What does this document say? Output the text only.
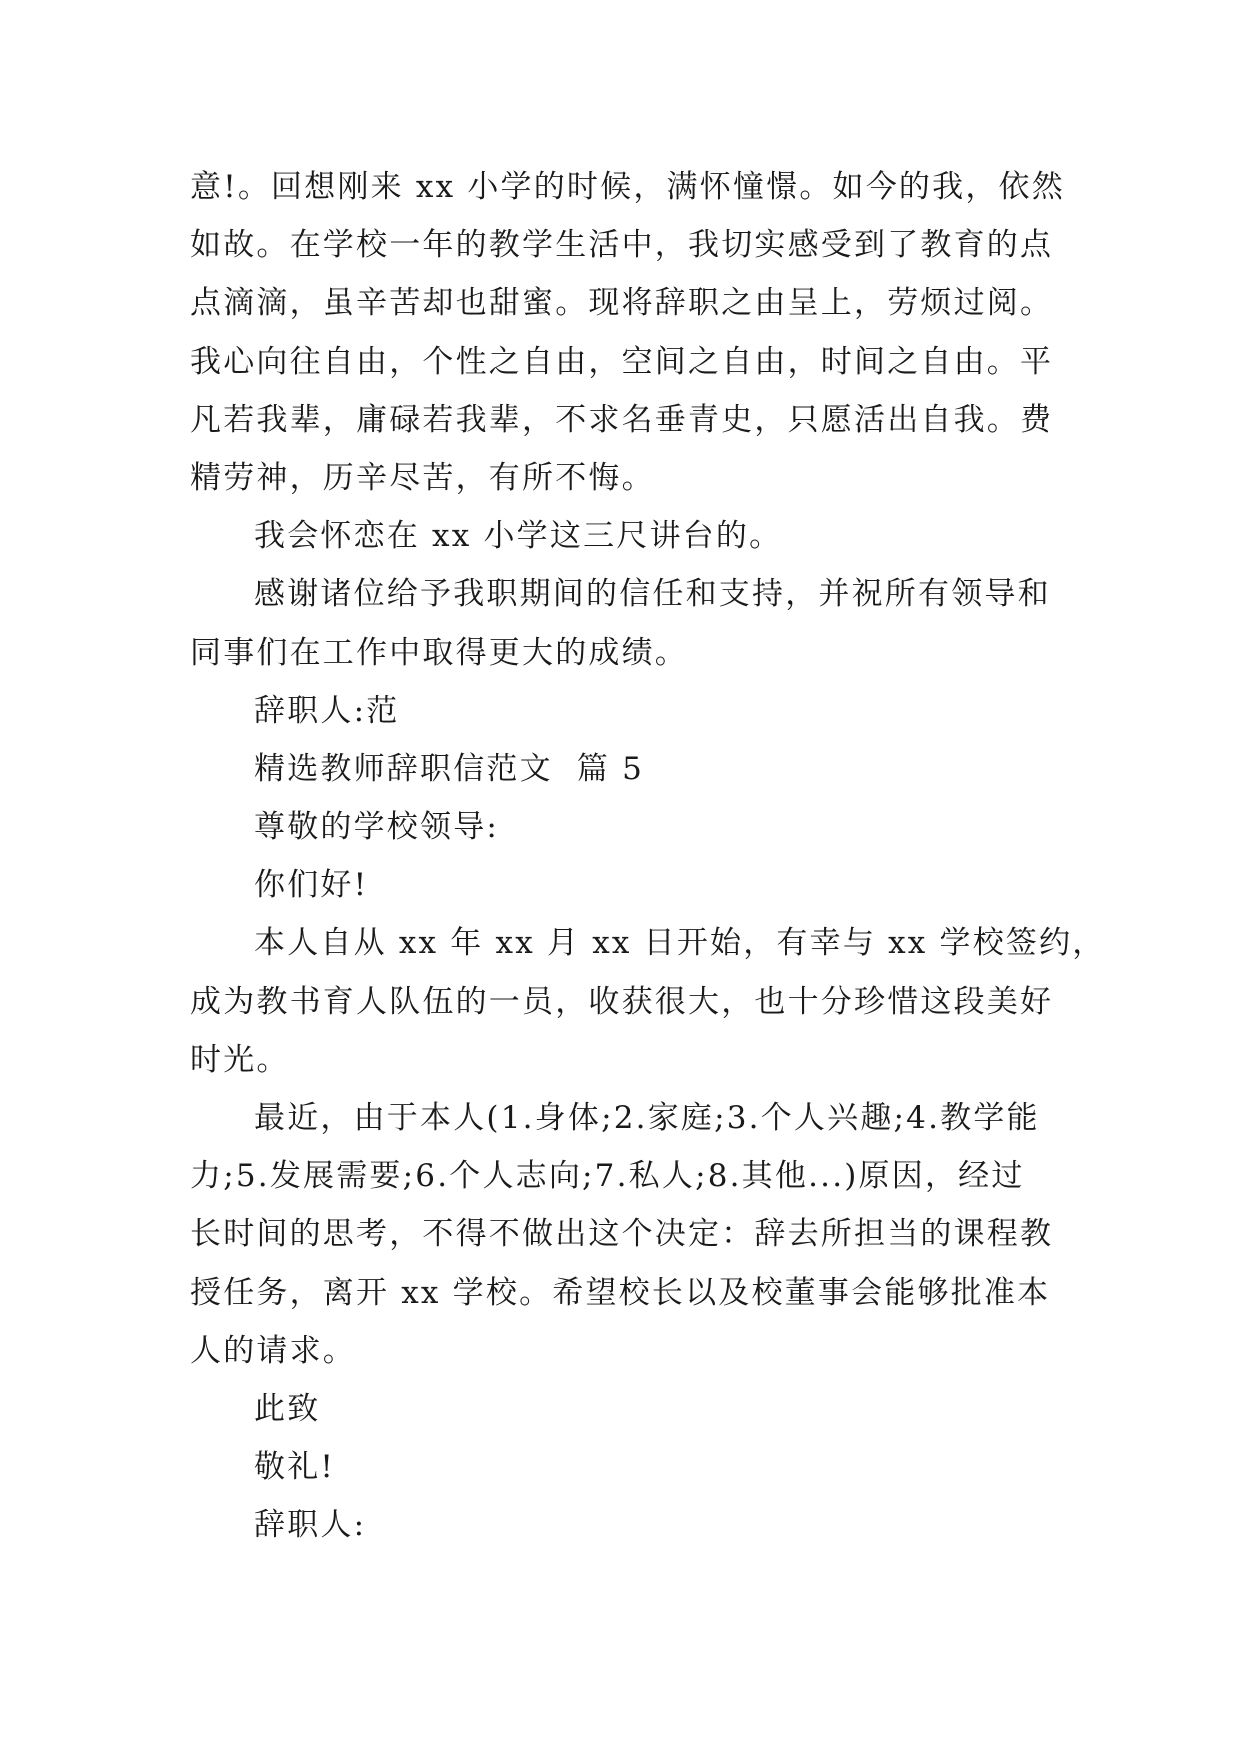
意!。回想刚来 xx 小学的时候，满怀憧憬。如今的我，依然
如故。在学校一年的教学生活中，我切实感受到了教育的点
点滴滴，虽辛苦却也甜蜜。现将辞职之由呈上，劳烦过阅。
我心向往自由，个性之自由，空间之自由，时间之自由。平
凡若我辈，庸碌若我辈，不求名垂青史，只愿活出自我。费
精劳神，历辛尽苦，有所不悔。

我会怀恋在 xx 小学这三尺讲台的。

感谢诸位给予我职期间的信任和支持，并祝所有领导和
同事们在工作中取得更大的成绩。

辞职人:范

精选教师辞职信范文  篇 5

尊敬的学校领导:

你们好!

本人自从 xx 年 xx 月 xx 日开始，有幸与 xx 学校签约，
成为教书育人队伍的一员，收获很大，也十分珍惜这段美好
时光。

最近，由于本人(1.身体;2.家庭;3.个人兴趣;4.教学能
力;5.发展需要;6.个人志向;7.私人;8.其他...)原因，经过
长时间的思考，不得不做出这个决定：辞去所担当的课程教
授任务，离开 xx 学校。希望校长以及校董事会能够批准本
人的请求。

此致

敬礼!

辞职人:
